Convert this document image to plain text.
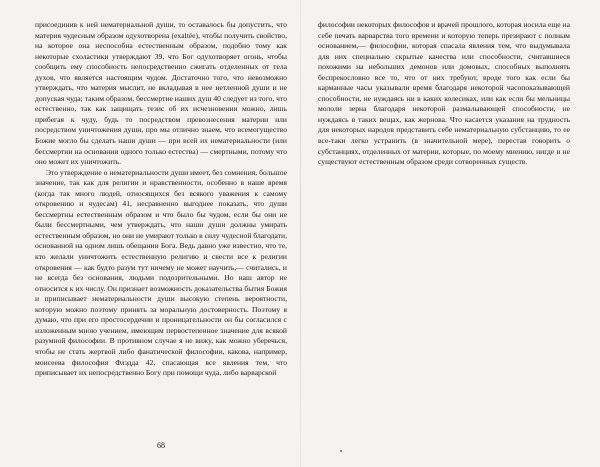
присоединив к ней нематериальной души, то оставалось бы допустить, что материя чудесным образом одухотворена (exaltée), чтобы получить свойство, на которое она неспособна естественным образом, подобно тому как некоторые схоластики утверждают 39, что Бог одухотворяет огонь, чтобы сообщить ему способность непосредственно сжигать отделенных от тела духов, что является настоящим чудом. Достаточно того, что невозможно утверждать, что материя мыслит, не вкладывая в нее нетленной души и не допуская чуда; таким образом, бессмертие наших душ 40 следует из того, что естественно, так как защищать тезис об их исчезновении можно, лишь прибегая к чуду, будь то посредством превознесения материи или посредством уничтожения души, про мы отлично знаем, что всемогущество Божие могло бы сделать наши души — при всей их нематериальности (или бессмертии на основании одного только естества) — смертными, потому что оно может их уничтожить.

Это утверждение о нематериальности души имеет, без сомнения, большое значение, так как для религии и нравственности, особенно в наше время (когда так много людей, относящихся без всякого уважения к самому откровению и чудесам) 41, несравненно выгоднее показать, что души бессмертны естественным образом и что было бы чудом, если бы они не были бессмертными, чем утверждать, что наши души должны умирать естественным образом, но они не умирают только в силу чудесной благодати, основанной на одном лишь обещании Бога. Ведь давно уже известно, что те, кто желали уничтожить естественную религию и свести все к религии откровения — как будто разум тут ничему не может научить,— считались, и не всегда без основания, людьми подозрительными. Но наш автор не относится к их числу. Он признает возможность доказательства бытия Божия и приписывает нематериальности души высокую степень вероятности, которую можно поэтому принять за моральную достоверность. Поэтому я думаю, что при его простосердечии и проницательности он бы согласился с изложенным мною учением, имеющим первостепенное значение для всякой разумной философии. В противном случае я не вижу, как можно уберечься, чтобы не стать жертвой либо фанатической философии, какова, например, моисеева философия Флэдда 42, спасающая все явления тем, что приписывает их непосредственно Богу при помощи чуда, либо варварской

философии некоторых философов и врачей прошлого, которая носила еще на себе печать варварства того времени и которую теперь презирают с полным основанием,— философии, которая спасала явления тем, что выдумывала для них специально скрытые качества или способности, считавшиеся похожими на небольших демонов или домовых, способных выполнять беспрекословно все то, что от них требуют, вроде того как если бы карманные часы указывали время благодаря некоторой часопоказывающей способности, не нуждаясь ни в каких колесиках, или как если бы мельницы мололи зерна благодаря некоторой размалывающей способности, не нуждаясь в таких вещах, как жернова. Что касается указания на трудность для некоторых народов представить себе нематериальную субстанцию, то ее все-таки легко устранить (в значительной мере), перестав говорить о субстанциях, отделенных от материи, которые, по моему мнению, нигде и не существуют естественным образом среди сотворенных существ.

68
